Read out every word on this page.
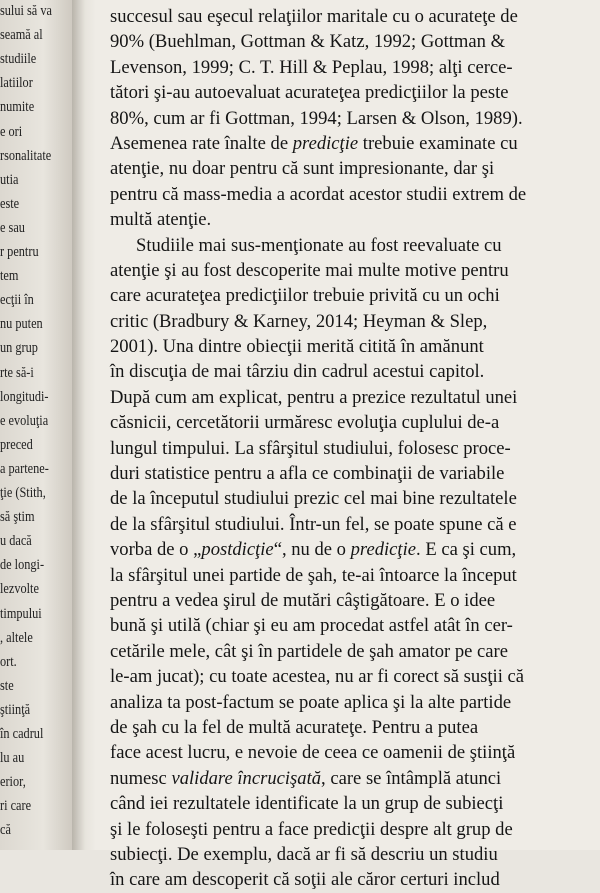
sului să va
seamă al
studiile
latiilor
numite
e ori
rsonalitate
utia
este
e sau
r pentru
tem
ecţii în
nu puten
un grup
rte să-i
longitudi-
e evoluţia
preced
a partene-
ţie (Stith,
să ştim
u dacă
de longi-
lezvolte
timpului
, altele
ort.
ste
ştiinţă
în cadrul
lu au
erior,
ri care
că
succesul sau eşecul relaţiilor maritale cu o acurateţe de
90% (Buehlman, Gottman & Katz, 1992; Gottman &
Levenson, 1999; C. T. Hill & Peplau, 1998; alţi cerce-
tători şi-au autoevaluat acurateţea predicţiilor la peste
80%, cum ar fi Gottman, 1994; Larsen & Olson, 1989).
Asemenea rate înalte de predicţie trebuie examinate cu
atenţie, nu doar pentru că sunt impresionante, dar şi
pentru că mass-media a acordat acestor studii extrem de
multă atenţie.
Studiile mai sus-menţionate au fost reevaluate cu
atenţie şi au fost descoperite mai multe motive pentru
care acurateţea predicţiilor trebuie privită cu un ochi
critic (Bradbury & Karney, 2014; Heyman & Slep,
2001). Una dintre obiecţii merită citită în amănunt
în discuţia de mai târziu din cadrul acestui capitol.
După cum am explicat, pentru a prezice rezultatul unei
căsnicii, cercetătorii urmăresc evoluţia cuplului de-a
lungul timpului. La sfârşitul studiului, folosesc proce-
duri statistice pentru a afla ce combinaţii de variabile
de la începutul studiului prezic cel mai bine rezultatele
de la sfârşitul studiului. Într-un fel, se poate spune că e
vorba de o „postdicţie“, nu de o predicţie. E ca şi cum,
la sfârşitul unei partide de şah, te-ai întoarce la început
pentru a vedea şirul de mutări câştigătoare. E o idee
bună şi utilă (chiar şi eu am procedat astfel atât în cer-
cetările mele, cât şi în partidele de şah amator pe care
le-am jucat); cu toate acestea, nu ar fi corect să susţii că
analiza ta post-factum se poate aplica şi la alte partide
de şah cu la fel de multă acurateţe. Pentru a putea
face acest lucru, e nevoie de ceea ce oamenii de ştiinţă
numesc validare încrucişată, care se întâmplă atunci
când iei rezultatele identificate la un grup de subiecţi
şi le foloseşti pentru a face predicţii despre alt grup de
subiecţi. De exemplu, dacă ar fi să descriu un studiu
în care am descoperit că soţii ale căror certuri includ
